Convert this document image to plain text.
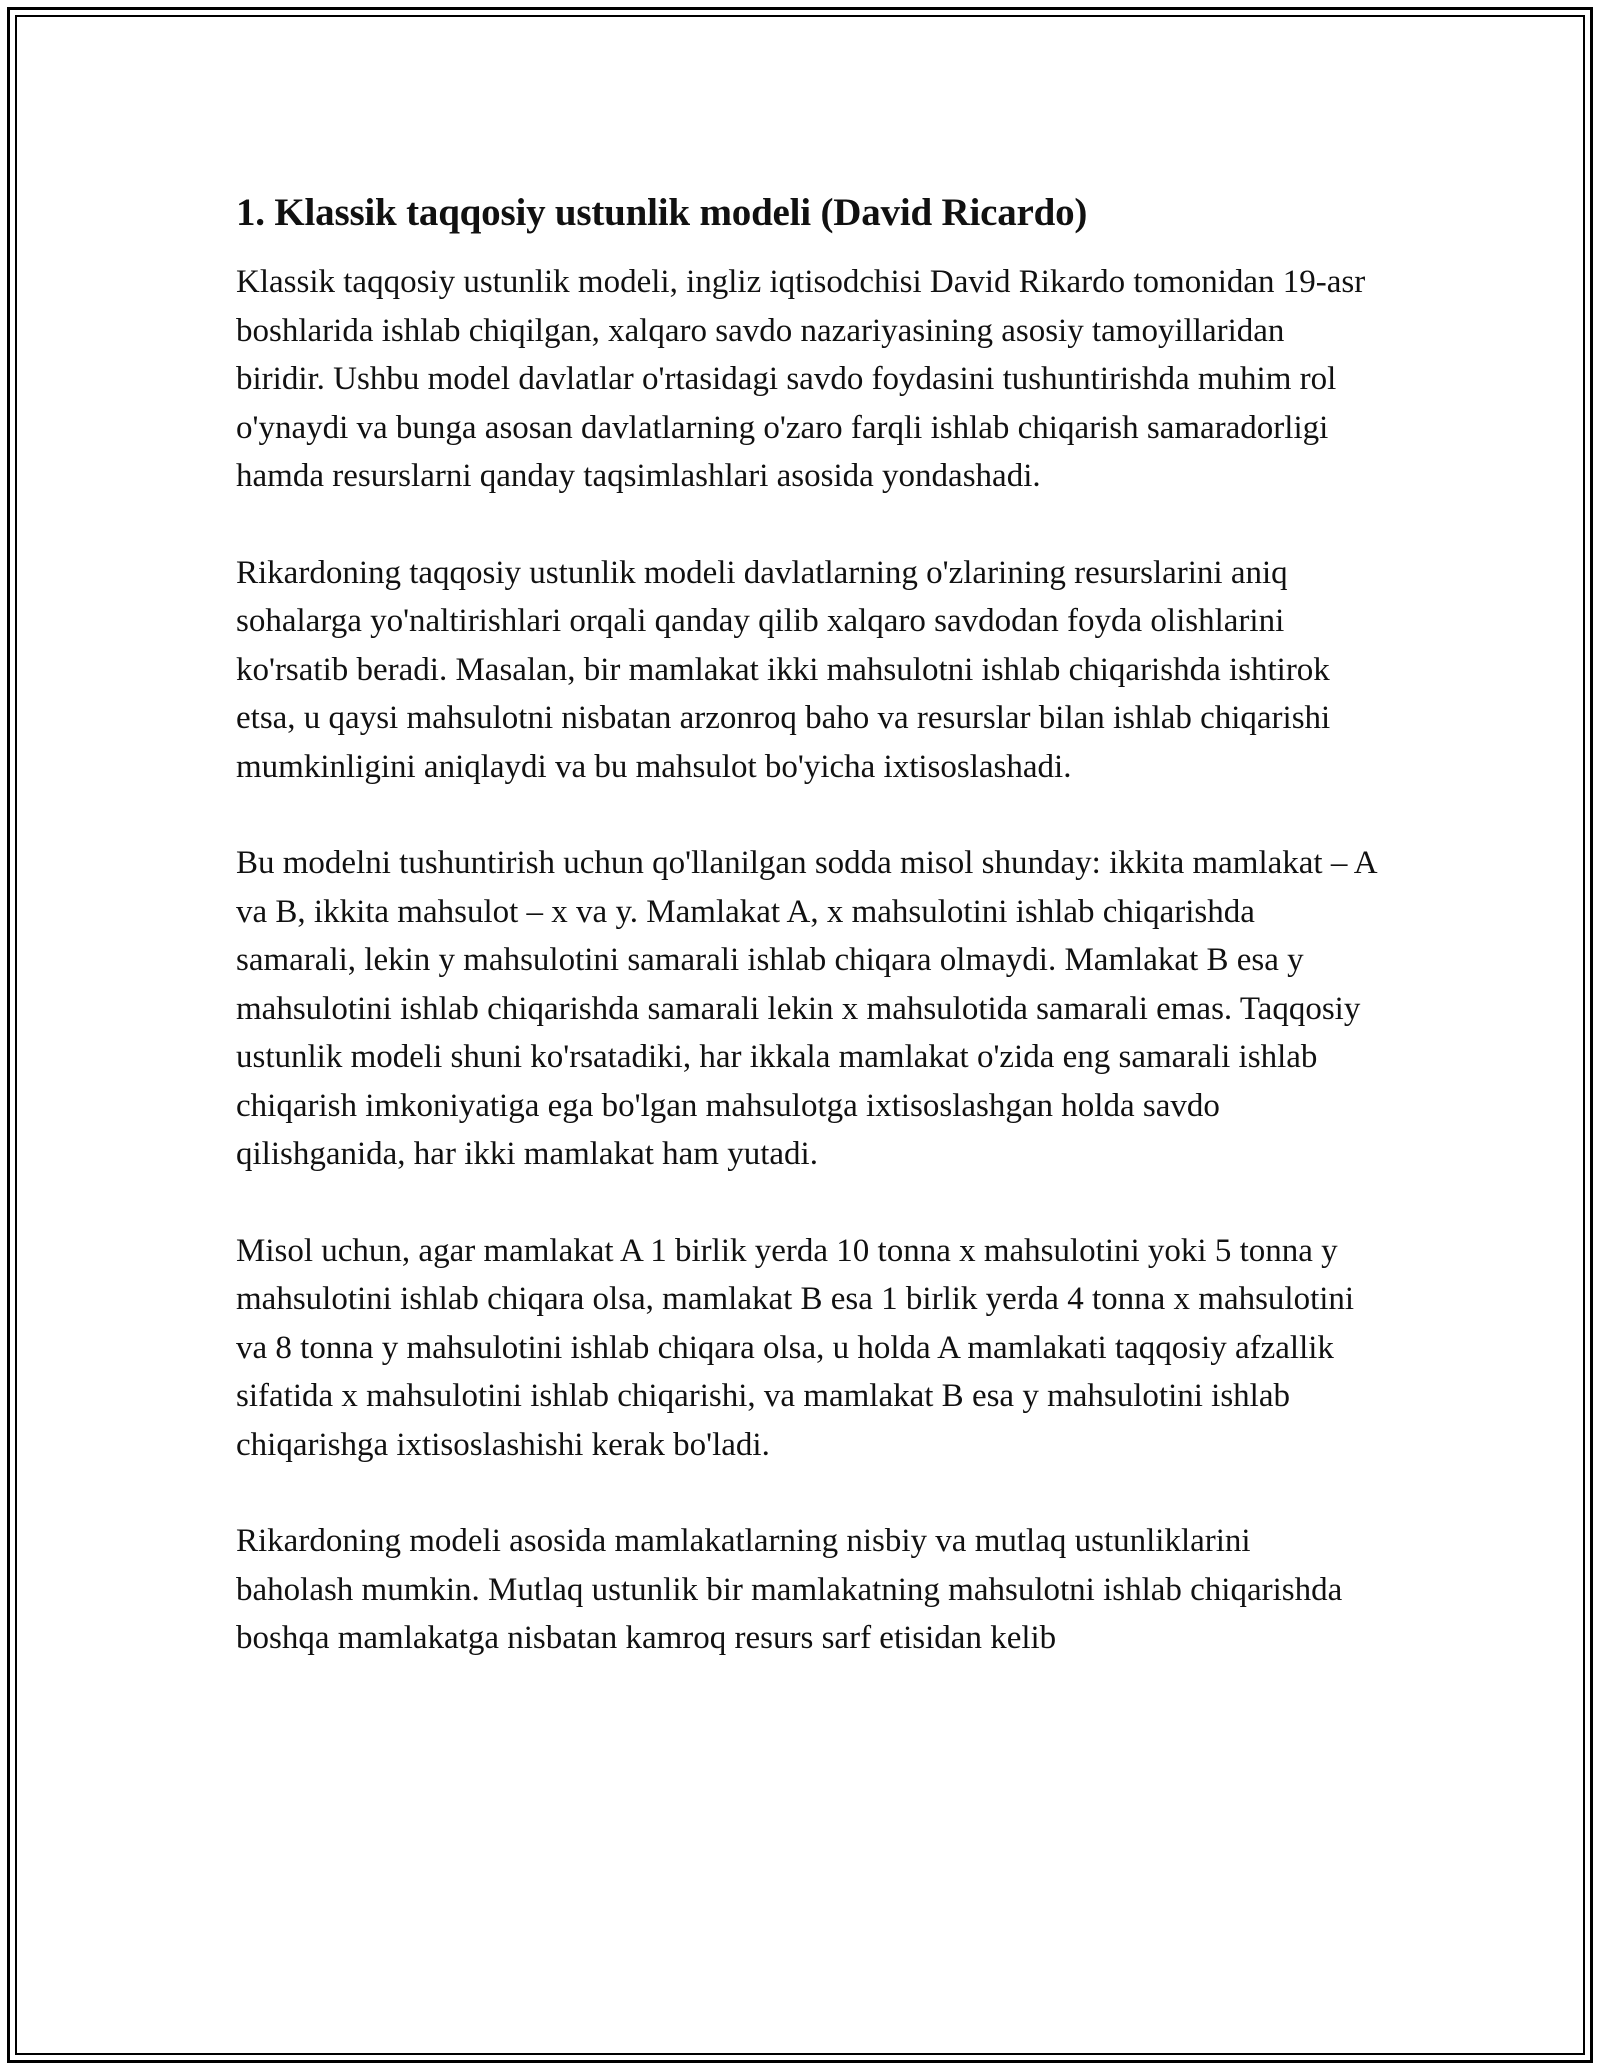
1. Klassik taqqosiy ustunlik modeli (David Ricardo)

Klassik taqqosiy ustunlik modeli, ingliz iqtisodchisi David Rikardo tomonidan 19-asr boshlarida ishlab chiqilgan, xalqaro savdo nazariyasining asosiy tamoyillaridan biridir. Ushbu model davlatlar o'rtasidagi savdo foydasini tushuntirishda muhim rol o'ynaydi va bunga asosan davlatlarning o'zaro farqli ishlab chiqarish samaradorligi hamda resurslarni qanday taqsimlashlari asosida yondashadi.

Rikardoning taqqosiy ustunlik modeli davlatlarning o'zlarining resurslarini aniq sohalarga yo'naltirishlari orqali qanday qilib xalqaro savdodan foyda olishlarini ko'rsatib beradi. Masalan, bir mamlakat ikki mahsulotni ishlab chiqarishda ishtirok etsa, u qaysi mahsulotni nisbatan arzonroq baho va resurslar bilan ishlab chiqarishi mumkinligini aniqlaydi va bu mahsulot bo'yicha ixtisoslashadi.

Bu modelni tushuntirish uchun qo'llanilgan sodda misol shunday: ikkita mamlakat – A va B, ikkita mahsulot – x va y. Mamlakat A, x mahsulotini ishlab chiqarishda samarali, lekin y mahsulotini samarali ishlab chiqara olmaydi. Mamlakat B esa y mahsulotini ishlab chiqarishda samarali lekin x mahsulotida samarali emas. Taqqosiy ustunlik modeli shuni ko'rsatadiki, har ikkala mamlakat o'zida eng samarali ishlab chiqarish imkoniyatiga ega bo'lgan mahsulotga ixtisoslashgan holda savdo qilishganida, har ikki mamlakat ham yutadi.

Misol uchun, agar mamlakat A 1 birlik yerda 10 tonna x mahsulotini yoki 5 tonna y mahsulotini ishlab chiqara olsa, mamlakat B esa 1 birlik yerda 4 tonna x mahsulotini va 8 tonna y mahsulotini ishlab chiqara olsa, u holda A mamlakati taqqosiy afzallik sifatida x mahsulotini ishlab chiqarishi, va mamlakat B esa y mahsulotini ishlab chiqarishga ixtisoslashishi kerak bo'ladi.

Rikardoning modeli asosida mamlakatlarning nisbiy va mutlaq ustunliklarini baholash mumkin. Mutlaq ustunlik bir mamlakatning mahsulotni ishlab chiqarishda boshqa mamlakatga nisbatan kamroq resurs sarf etisidan kelib
